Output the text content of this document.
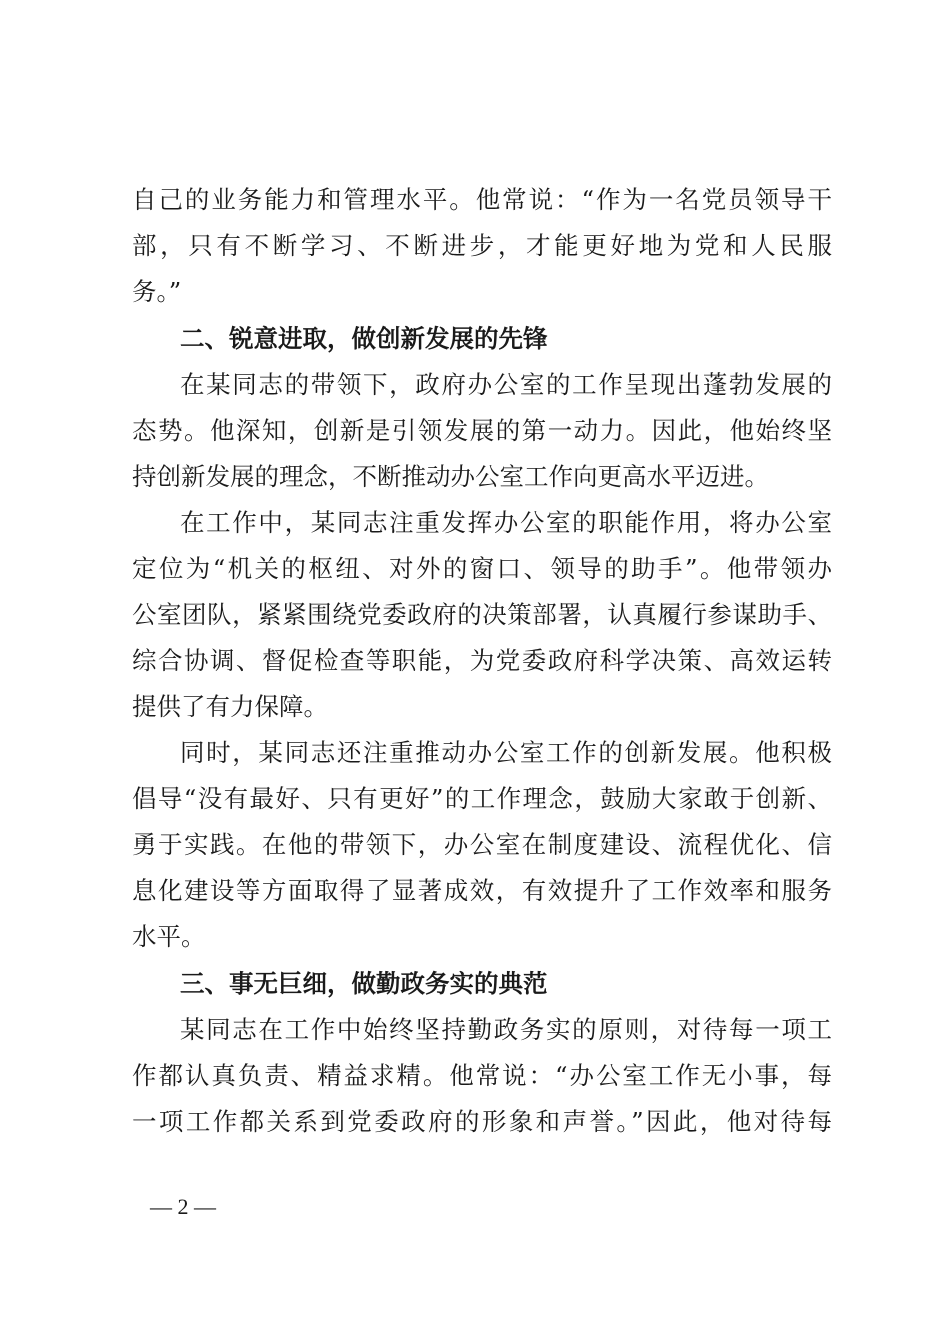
自己的业务能力和管理水平。他常说：“作为一名党员领导干
部，只有不断学习、不断进步，才能更好地为党和人民服
务。”
二、锐意进取，做创新发展的先锋
在某同志的带领下，政府办公室的工作呈现出蓬勃发展的
态势。他深知，创新是引领发展的第一动力。因此，他始终坚
持创新发展的理念，不断推动办公室工作向更高水平迈进。
在工作中，某同志注重发挥办公室的职能作用，将办公室
定位为“机关的枢纽、对外的窗口、领导的助手”。他带领办
公室团队，紧紧围绕党委政府的决策部署，认真履行参谋助手、
综合协调、督促检查等职能，为党委政府科学决策、高效运转
提供了有力保障。
同时，某同志还注重推动办公室工作的创新发展。他积极
倡导“没有最好、只有更好”的工作理念，鼓励大家敢于创新、
勇于实践。在他的带领下，办公室在制度建设、流程优化、信
息化建设等方面取得了显著成效，有效提升了工作效率和服务
水平。
三、事无巨细，做勤政务实的典范
某同志在工作中始终坚持勤政务实的原则，对待每一项工
作都认真负责、精益求精。他常说：“办公室工作无小事，每
一项工作都关系到党委政府的形象和声誉。”因此，他对待每
— 2 —
